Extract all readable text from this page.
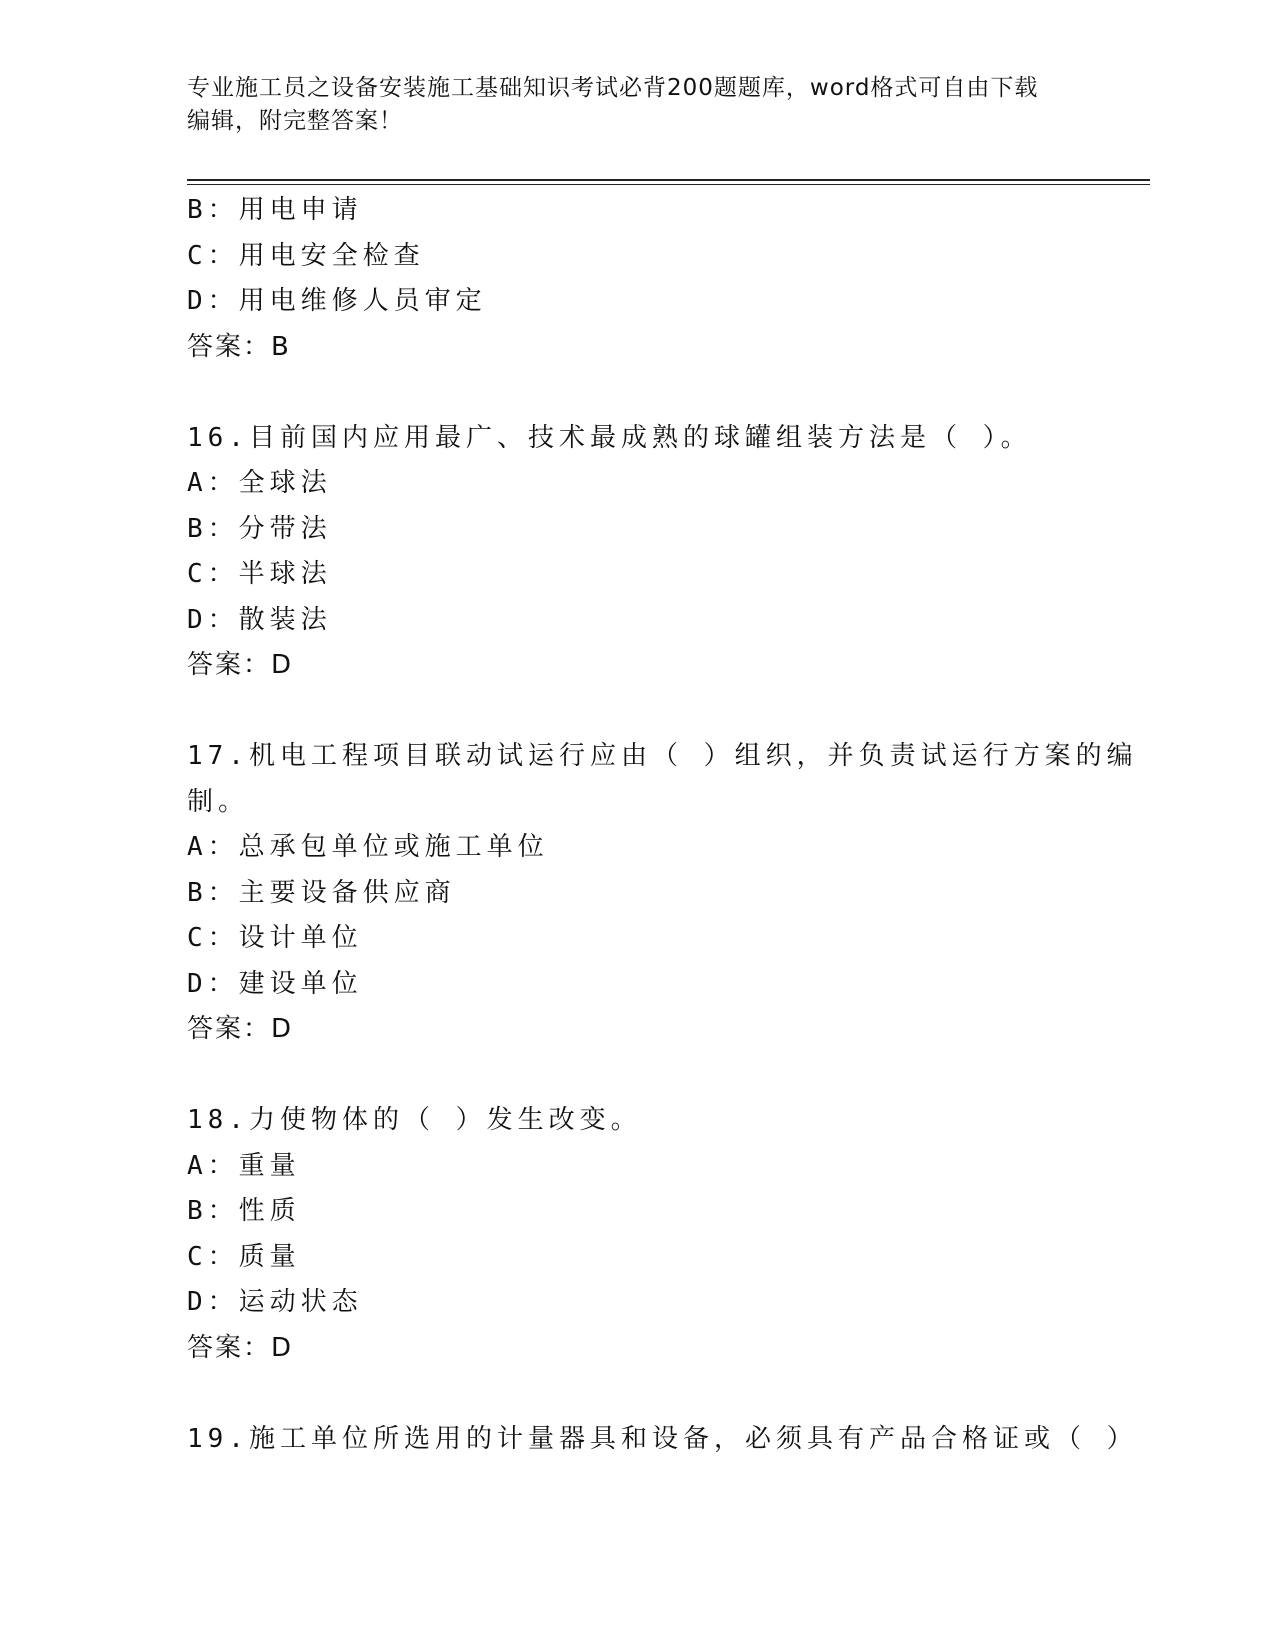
专业施工员之设备安装施工基础知识考试必背200题题库，word格式可自由下载
编辑，附完整答案！
B：用电申请
C：用电安全检查
D：用电维修人员审定
答案：B
16.目前国内应用最广、技术最成熟的球罐组装方法是（ ）。
A：全球法
B：分带法
C：半球法
D：散装法
答案：D
17.机电工程项目联动试运行应由（ ）组织，并负责试运行方案的编
制。
A：总承包单位或施工单位
B：主要设备供应商
C：设计单位
D：建设单位
答案：D
18.力使物体的（ ）发生改变。
A：重量
B：性质
C：质量
D：运动状态
答案：D
19.施工单位所选用的计量器具和设备，必须具有产品合格证或（ ）
